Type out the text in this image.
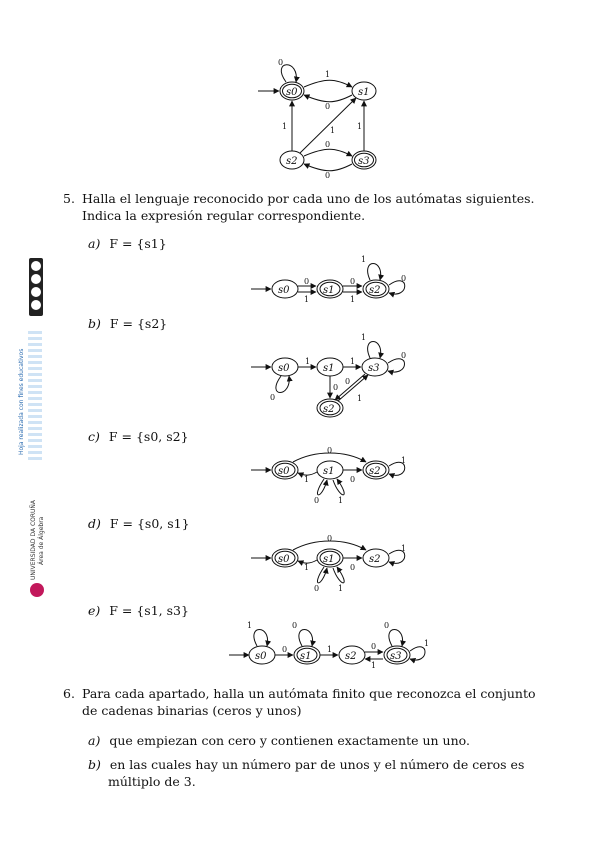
Hoja realizada con fines educativos
UNIVERSIDAD DA CORUÑA Área de Álgebra
s0	s1
s2	s3
s0	s1	s2
s0	s1	s3
s2
s0	s1	s2
s0	s1	s2
s0	s1	s2	s3
0
1
0
1	1
1
0
0
0
1
0
1
1
0
1	1
0
0
0
1
1
0
0
1	0
0 1
1
0
1	0
0 1
1
1
0
0
1	0
1
0
1
5. Halla el lenguaje reconocido por cada uno de los autómatas siguientes. Indica la expresión regular correspondiente.
a) F = {s1}
b) F = {s2}
c) F = {s0, s2}
d) F = {s0, s1}
e) F = {s1, s3}
6. Para cada apartado, halla un autómata finito que reconozca el conjunto de cadenas binarias (ceros y unos)
a) que empiezan con cero y contienen exactamente un uno.
b) en las cuales hay un número par de unos y el número de ceros es múltiplo de 3.
